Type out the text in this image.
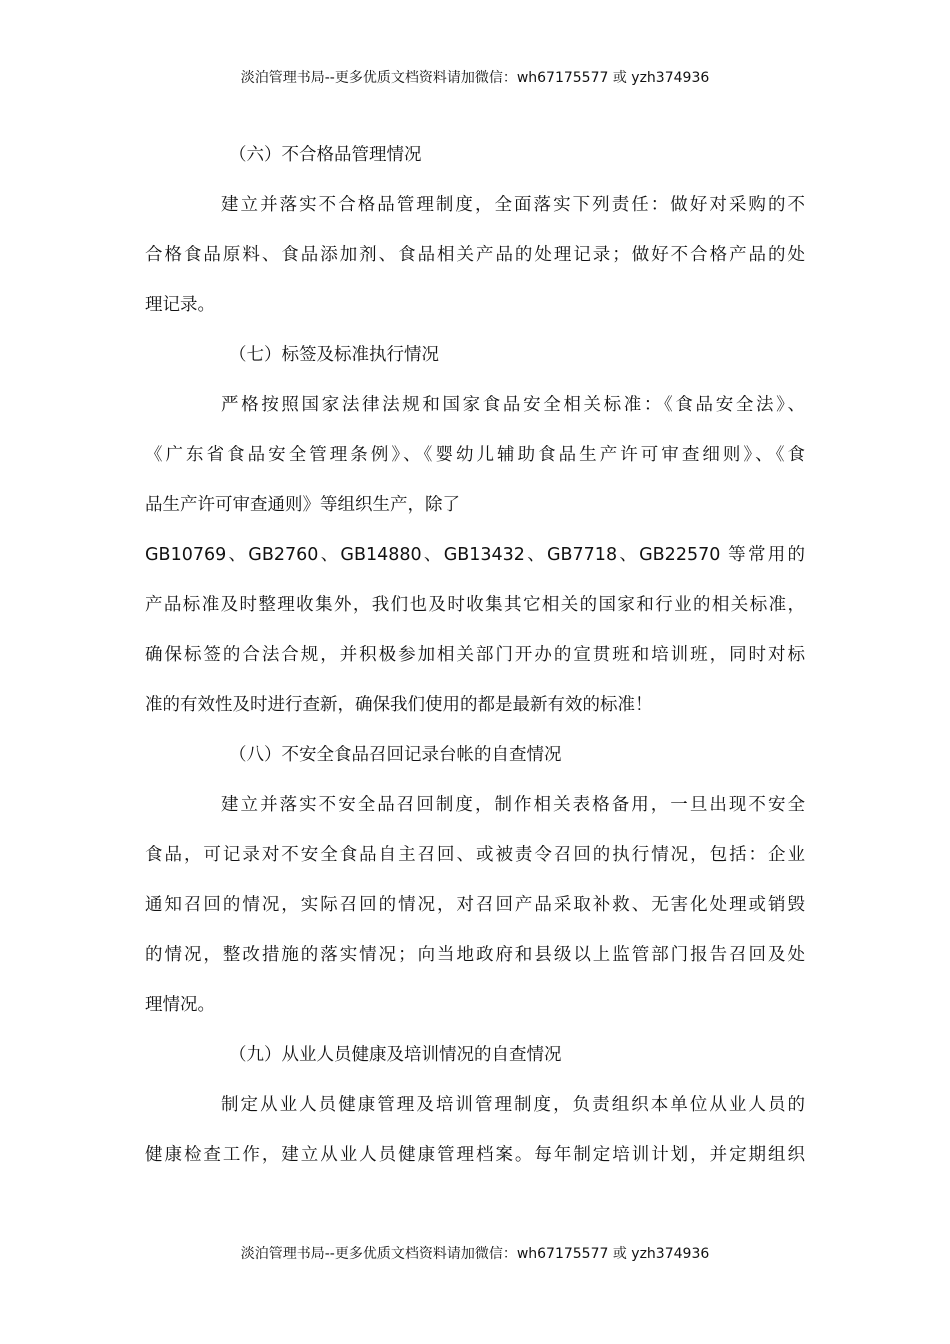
淡泊管理书局--更多优质文档资料请加微信：wh67175577 或 yzh374936
（六）不合格品管理情况
建立并落实不合格品管理制度，全面落实下列责任：做好对采购的不
合格食品原料、食品添加剂、食品相关产品的处理记录；做好不合格产品的处
理记录。
（七）标签及标准执行情况
严格按照国家法律法规和国家食品安全相关标准：《食品安全法》、
《广东省食品安全管理条例》、《婴幼儿辅助食品生产许可审查细则》、《食
品生产许可审查通则》等组织生产，除了
GB10769、GB2760、GB14880、GB13432、GB7718、GB22570 等常用的
产品标准及时整理收集外，我们也及时收集其它相关的国家和行业的相关标准，
确保标签的合法合规，并积极参加相关部门开办的宣贯班和培训班，同时对标
准的有效性及时进行查新，确保我们使用的都是最新有效的标准！
（八）不安全食品召回记录台帐的自查情况
建立并落实不安全品召回制度，制作相关表格备用，一旦出现不安全
食品，可记录对不安全食品自主召回、或被责令召回的执行情况，包括：企业
通知召回的情况，实际召回的情况，对召回产品采取补救、无害化处理或销毁
的情况，整改措施的落实情况；向当地政府和县级以上监管部门报告召回及处
理情况。
（九）从业人员健康及培训情况的自查情况
制定从业人员健康管理及培训管理制度，负责组织本单位从业人员的
健康检查工作，建立从业人员健康管理档案。每年制定培训计划，并定期组织
淡泊管理书局--更多优质文档资料请加微信：wh67175577 或 yzh374936
